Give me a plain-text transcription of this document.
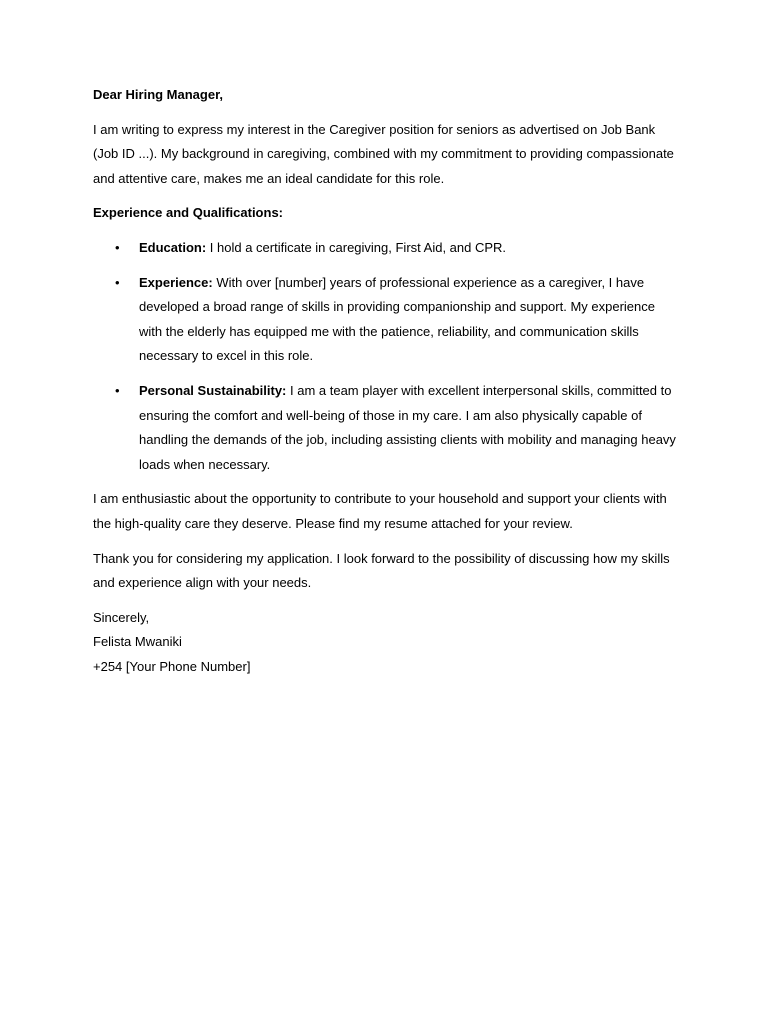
Dear Hiring Manager,

I am writing to express my interest in the Caregiver position for seniors as advertised on Job Bank (Job ID ...). My background in caregiving, combined with my commitment to providing compassionate and attentive care, makes me an ideal candidate for this role.

Experience and Qualifications:

• Education: I hold a certificate in caregiving, First Aid, and CPR.
• Experience: With over [number] years of professional experience as a caregiver, I have developed a broad range of skills in providing companionship and support. My experience with the elderly has equipped me with the patience, reliability, and communication skills necessary to excel in this role.
• Personal Sustainability: I am a team player with excellent interpersonal skills, committed to ensuring the comfort and well-being of those in my care. I am also physically capable of handling the demands of the job, including assisting clients with mobility and managing heavy loads when necessary.

I am enthusiastic about the opportunity to contribute to your household and support your clients with the high-quality care they deserve. Please find my resume attached for your review.

Thank you for considering my application. I look forward to the possibility of discussing how my skills and experience align with your needs.

Sincerely,

Felista Mwaniki

+254 [Your Phone Number]
